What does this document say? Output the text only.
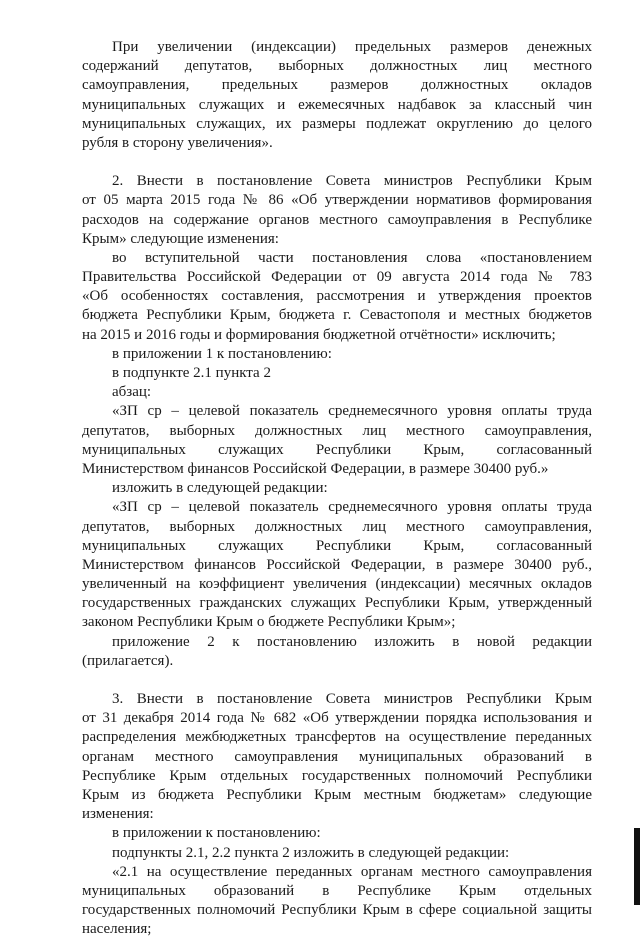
При увеличении (индексации) предельных размеров денежных
содержаний депутатов, выборных должностных лиц местного
самоуправления, предельных размеров должностных окладов
муниципальных служащих и ежемесячных надбавок за классный чин
муниципальных служащих, их размеры подлежат округлению до целого
рубля в сторону увеличения».
2. Внести в постановление Совета министров Республики Крым
от 05 марта 2015 года № 86 «Об утверждении нормативов формирования
расходов на содержание органов местного самоуправления в Республике
Крым» следующие изменения:
во вступительной части постановления слова «постановлением
Правительства Российской Федерации от 09 августа 2014 года № 783
«Об особенностях составления, рассмотрения и утверждения проектов
бюджета Республики Крым, бюджета г. Севастополя и местных бюджетов
на 2015 и 2016 годы и формирования бюджетной отчётности» исключить;
в приложении 1 к постановлению:
в подпункте 2.1 пункта 2
абзац:
«ЗП ср – целевой показатель среднемесячного уровня оплаты труда
депутатов, выборных должностных лиц местного самоуправления,
муниципальных служащих Республики Крым, согласованный
Министерством финансов Российской Федерации, в размере 30400 руб.»
изложить в следующей редакции:
«ЗП ср – целевой показатель среднемесячного уровня оплаты труда
депутатов, выборных должностных лиц местного самоуправления,
муниципальных служащих Республики Крым, согласованный
Министерством финансов Российской Федерации, в размере 30400 руб.,
увеличенный на коэффициент увеличения (индексации) месячных окладов
государственных гражданских служащих Республики Крым, утвержденный
законом Республики Крым о бюджете Республики Крым»;
приложение 2 к постановлению изложить в новой редакции
(прилагается).
3. Внести в постановление Совета министров Республики Крым
от 31 декабря 2014 года № 682 «Об утверждении порядка использования и
распределения межбюджетных трансфертов на осуществление переданных
органам местного самоуправления муниципальных образований в
Республике Крым отдельных государственных полномочий Республики
Крым из бюджета Республики Крым местным бюджетам» следующие
изменения:
в приложении к постановлению:
подпункты 2.1, 2.2 пункта 2 изложить в следующей редакции:
«2.1 на осуществление переданных органам местного самоуправления
муниципальных образований в Республике Крым отдельных
государственных полномочий Республики Крым в сфере социальной защиты
населения;
